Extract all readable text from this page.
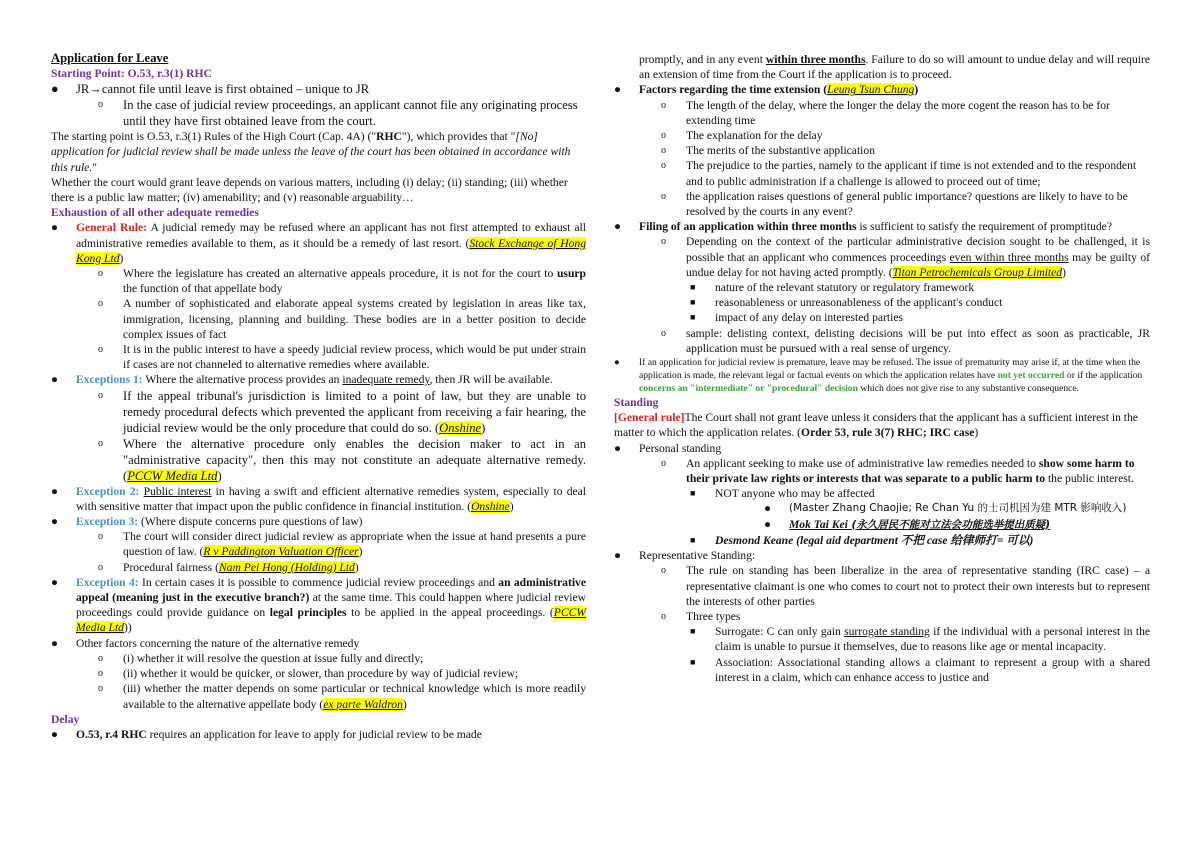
Application for Leave

Starting Point: O.53, r.3(1) RHC

●	JR→cannot file until leave is first obtained – unique to JR
o	In the case of judicial review proceedings, an applicant cannot file any originating process until they have first obtained leave from the court.

The starting point is O.53, r.3(1) Rules of the High Court (Cap. 4A) ("RHC"), which provides that "[No] application for judicial review shall be made unless the leave of the court has been obtained in accordance with this rule."

Whether the court would grant leave depends on various matters, including (i) delay; (ii) standing; (iii) whether there is a public law matter; (iv) amenability; and (v) reasonable arguability…

Exhaustion of all other adequate remedies

●	General Rule: A judicial remedy may be refused where an applicant has not first attempted to exhaust all administrative remedies available to them, as it should be a remedy of last resort. (Stock Exchange of Hong Kong Ltd)
o	Where the legislature has created an alternative appeals procedure, it is not for the court to usurp the function of that appellate body
o	A number of sophisticated and elaborate appeal systems created by legislation in areas like tax, immigration, licensing, planning and building. These bodies are in a better position to decide complex issues of fact
o	It is in the public interest to have a speedy judicial review process, which would be put under strain if cases are not channeled to alternative remedies where available.
●	Exceptions 1: Where the alternative process provides an inadequate remedy, then JR will be available.
o	If the appeal tribunal's jurisdiction is limited to a point of law, but they are unable to remedy procedural defects which prevented the applicant from receiving a fair hearing, the judicial review would be the only procedure that could do so. (Onshine)
o	Where the alternative procedure only enables the decision maker to act in an "administrative capacity", then this may not constitute an adequate alternative remedy. (PCCW Media Ltd)
●	Exception 2: Public interest in having a swift and efficient alternative remedies system, especially to deal with sensitive matter that impact upon the public confidence in financial institution. (Onshine)
●	Exception 3: (Where dispute concerns pure questions of law)
o	The court will consider direct judicial review as appropriate when the issue at hand presents a pure question of law. (R v Paddington Valuation Officer)
o	Procedural fairness (Nam Pei Hong (Holding) Ltd)
●	Exception 4: In certain cases it is possible to commence judicial review proceedings and an administrative appeal (meaning just in the executive branch?) at the same time. This could happen where judicial review proceedings could provide guidance on legal principles to be applied in the appeal proceedings. (PCCW Media Ltd))
●	Other factors concerning the nature of the alternative remedy
o	(i) whether it will resolve the question at issue fully and directly;
o	(ii) whether it would be quicker, or slower, than procedure by way of judicial review;
o	(iii) whether the matter depends on some particular or technical knowledge which is more readily available to the alternative appellate body (ex parte Waldron)

Delay

●	O.53, r.4 RHC requires an application for leave to apply for judicial review to be made
promptly, and in any event within three months. Failure to do so will amount to undue delay and will require an extension of time from the Court if the application is to proceed.
●	Factors regarding the time extension (Leung Tsun Chung)
o	The length of the delay, where the longer the delay the more cogent the reason has to be for extending time
o	The explanation for the delay
o	The merits of the substantive application
o	The prejudice to the parties, namely to the applicant if time is not extended and to the respondent and to public administration if a challenge is allowed to proceed out of time;
o	the application raises questions of general public importance? questions are likely to have to be resolved by the courts in any event?
●	Filing of an application within three months is sufficient to satisfy the requirement of promptitude?
o	Depending on the context of the particular administrative decision sought to be challenged, it is possible that an applicant who commences proceedings even within three months may be guilty of undue delay for not having acted promptly. (Titan Petrochemicals Group Limited)
■	nature of the relevant statutory or regulatory framework
■	reasonableness or unreasonableness of the applicant's conduct
■	impact of any delay on interested parties
o	sample: delisting context, delisting decisions will be put into effect as soon as practicable, JR application must be pursued with a real sense of urgency.
●	If an application for judicial review is premature, leave may be refused. The issue of prematurity may arise if, at the time when the application is made, the relevant legal or factual events on which the application relates have not yet occurred or if the application concerns an "intermediate" or "procedural" decision which does not give rise to any substantive consequence.

Standing

[General rule]The Court shall not grant leave unless it considers that the applicant has a sufficient interest in the matter to which the application relates. (Order 53, rule 3(7) RHC; IRC case)

●	Personal standing
o	An applicant seeking to make use of administrative law remedies needed to show some harm to their private law rights or interests that was separate to a public harm to the public interest.
■	NOT anyone who may be affected
●	(Master Zhang Chaojie; Re Chan Yu 的士司机因为建 MTR 影响收入)
●	Mok Tai Kei (永久居民不能对立法会功能选举提出质疑)
■	Desmond Keane (legal aid department 不把 case 给律师打= 可以)
●	Representative Standing:
o	The rule on standing has been liberalize in the area of representative standing (IRC case) – a representative claimant is one who comes to court not to protect their own interests but to represent the interests of other parties
o	Three types
■	Surrogate: C can only gain surrogate standing if the individual with a personal interest in the claim is unable to pursue it themselves, due to reasons like age or mental incapacity.
■	Association: Associational standing allows a claimant to represent a group with a shared interest in a claim, which can enhance access to justice and
